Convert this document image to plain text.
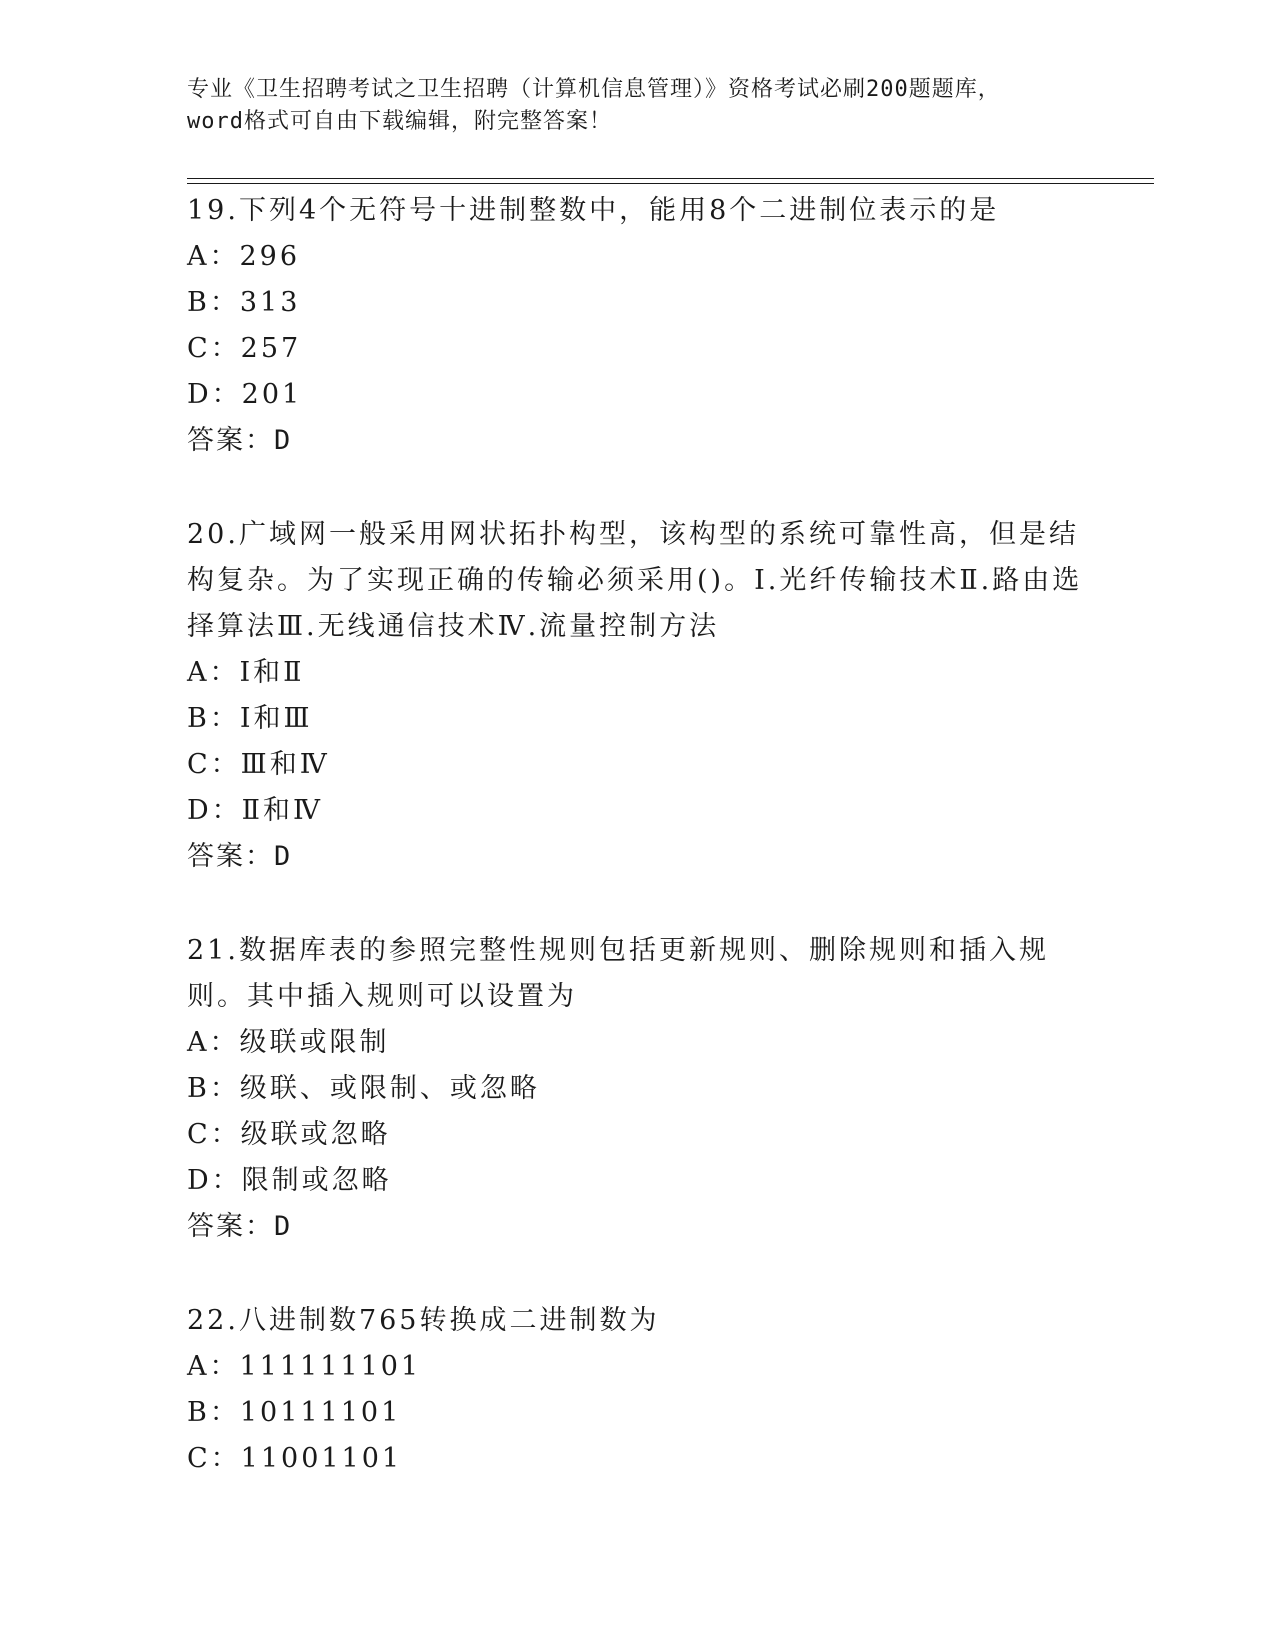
专业《卫生招聘考试之卫生招聘（计算机信息管理）》资格考试必刷200题题库，
word格式可自由下载编辑，附完整答案！
19.下列4个无符号十进制整数中，能用8个二进制位表示的是
A：296
B：313
C：257
D：201
答案：D
20.广域网一般采用网状拓扑构型，该构型的系统可靠性高，但是结构复杂。为了实现正确的传输必须采用()。Ⅰ.光纤传输技术Ⅱ.路由选择算法Ⅲ.无线通信技术Ⅳ.流量控制方法
A：Ⅰ和Ⅱ
B：Ⅰ和Ⅲ
C：Ⅲ和Ⅳ
D：Ⅱ和Ⅳ
答案：D
21.数据库表的参照完整性规则包括更新规则、删除规则和插入规则。其中插入规则可以设置为
A：级联或限制
B：级联、或限制、或忽略
C：级联或忽略
D：限制或忽略
答案：D
22.八进制数765转换成二进制数为
A：111111101
B：10111101
C：11001101
